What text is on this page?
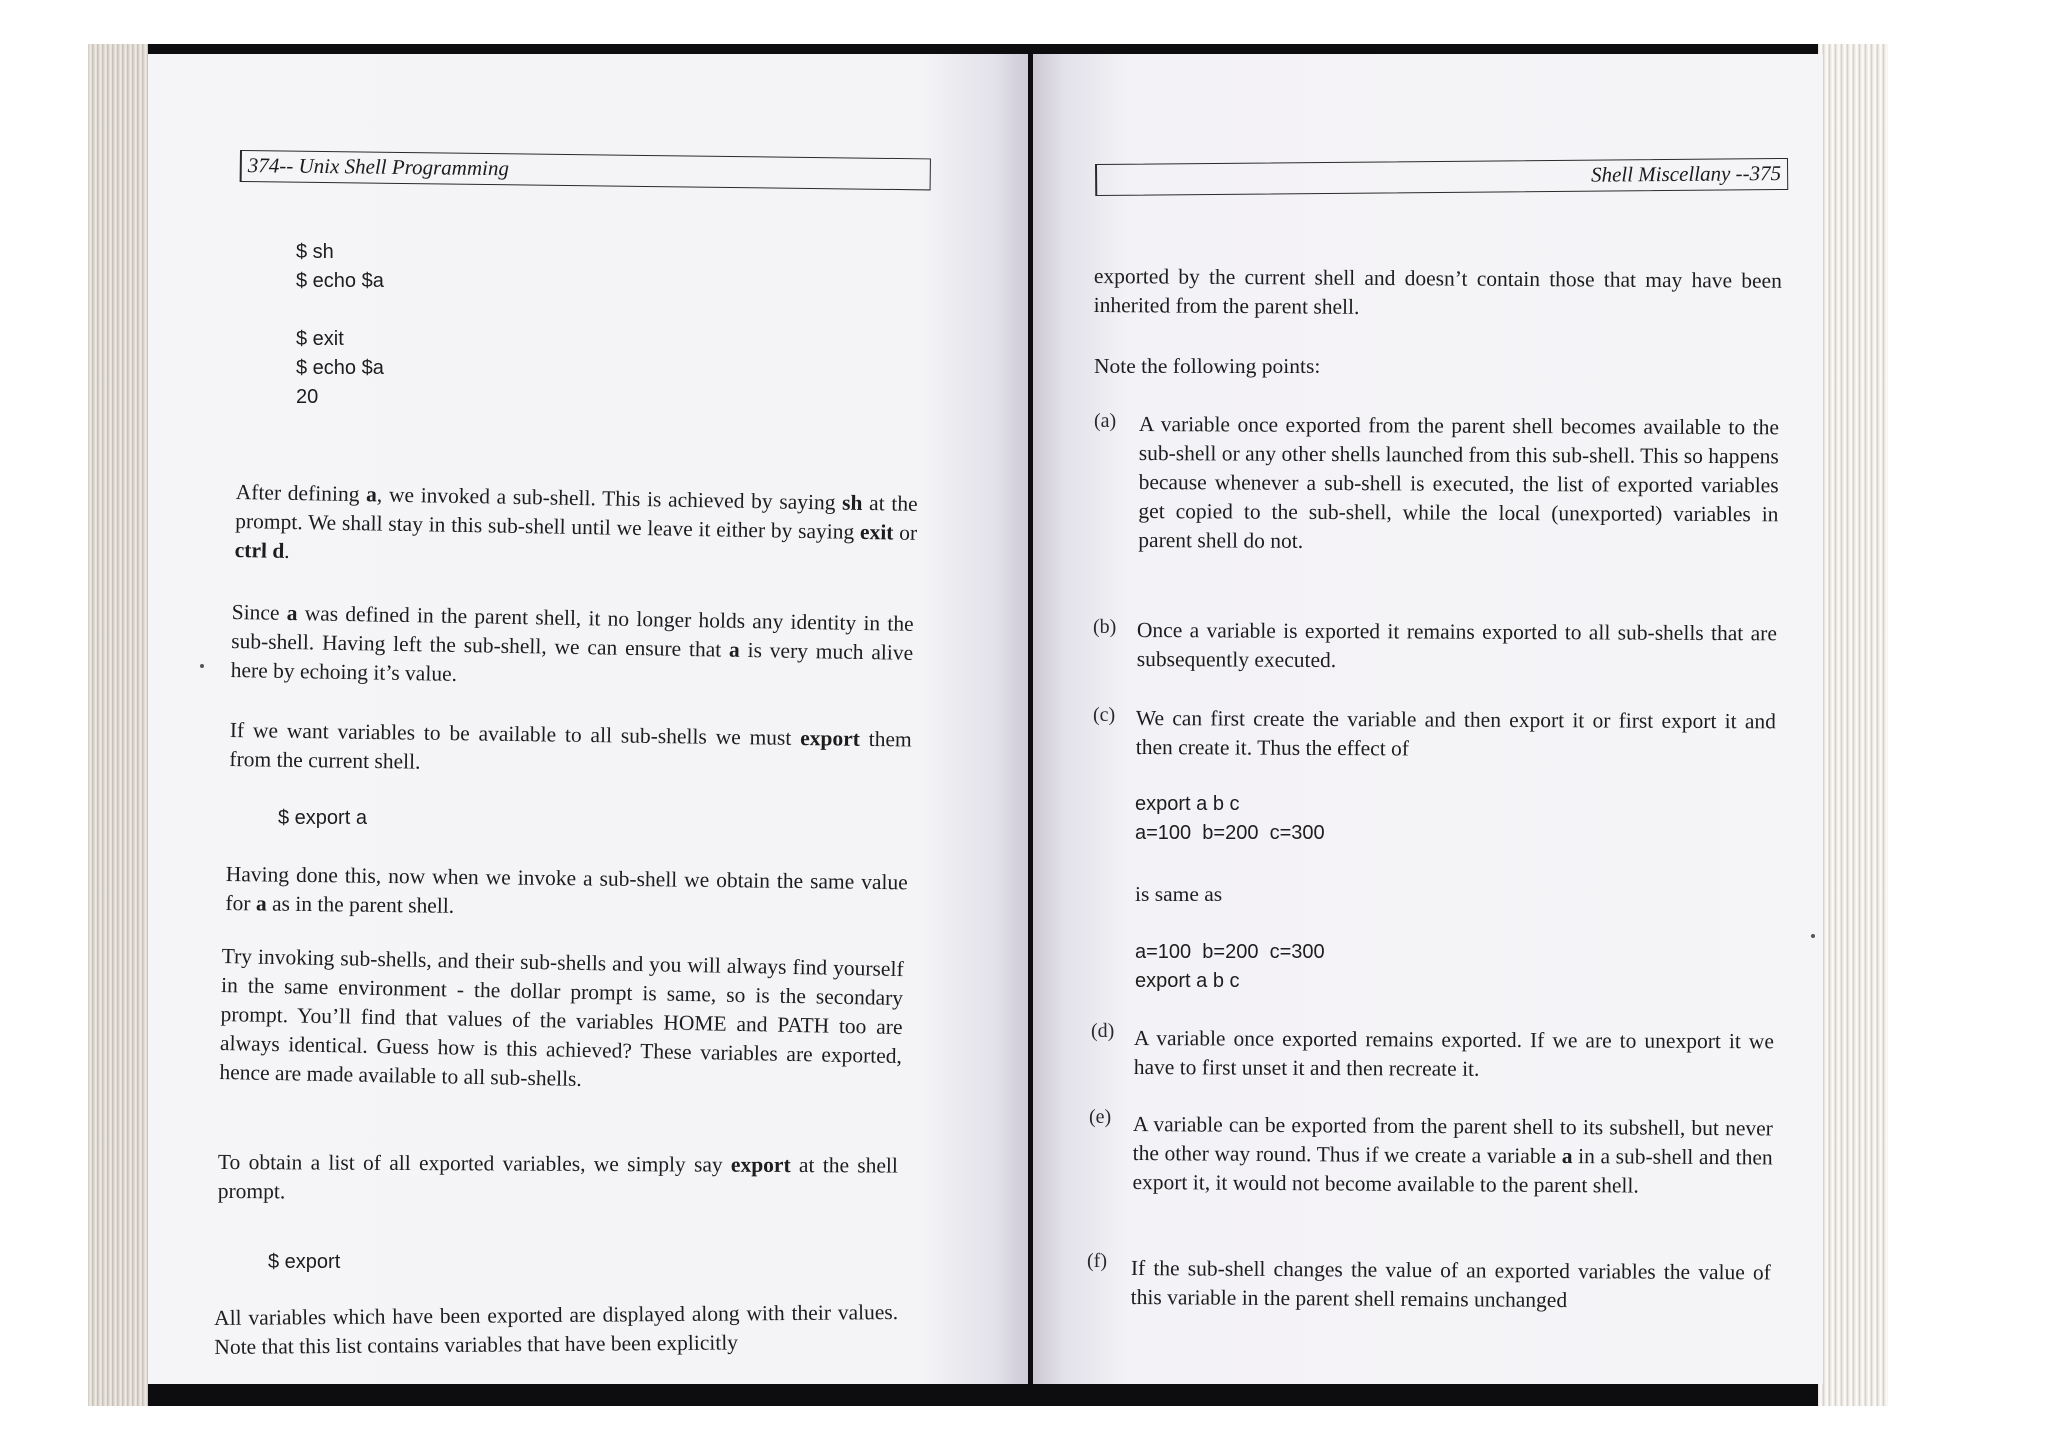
374-- Unix Shell Programming
$ sh
$ echo $a

$ exit
$ echo $a
20

After defining a, we invoked a sub-shell. This is achieved by saying sh at the prompt. We shall stay in this sub-shell until we leave it either by saying exit or ctrl d.

Since a was defined in the parent shell, it no longer holds any identity in the sub-shell. Having left the sub-shell, we can ensure that a is very much alive here by echoing it’s value.

If we want variables to be available to all sub-shells we must export them from the current shell.

$ export a

Having done this, now when we invoke a sub-shell we obtain the same value for a as in the parent shell.

Try invoking sub-shells, and their sub-shells and you will always find yourself in the same environment - the dollar prompt is same, so is the secondary prompt. You’ll find that values of the variables HOME and PATH too are always identical. Guess how is this achieved? These variables are exported, hence are made available to all sub-shells.

To obtain a list of all exported variables, we simply say export at the shell prompt.

$ export

All variables which have been exported are displayed along with their values. Note that this list contains variables that have been explicitly

Shell Miscellany --375

exported by the current shell and doesn’t contain those that may have been inherited from the parent shell.

Note the following points:

(a) A variable once exported from the parent shell becomes available to the sub-shell or any other shells launched from this sub-shell. This so happens because whenever a sub-shell is executed, the list of exported variables get copied to the sub-shell, while the local (unexported) variables in parent shell do not.

(b) Once a variable is exported it remains exported to all sub-shells that are subsequently executed.

(c) We can first create the variable and then export it or first export it and then create it. Thus the effect of

export a b c
a=100  b=200  c=300

is same as

a=100  b=200  c=300
export a b c
(d) A variable once exported remains exported. If we are to unexport it we have to first unset it and then recreate it.

(e) A variable can be exported from the parent shell to its subshell, but never the other way round. Thus if we create a variable a in a sub-shell and then export it, it would not become available to the parent shell.

(f) If the sub-shell changes the value of an exported variables the value of this variable in the parent shell remains unchanged
